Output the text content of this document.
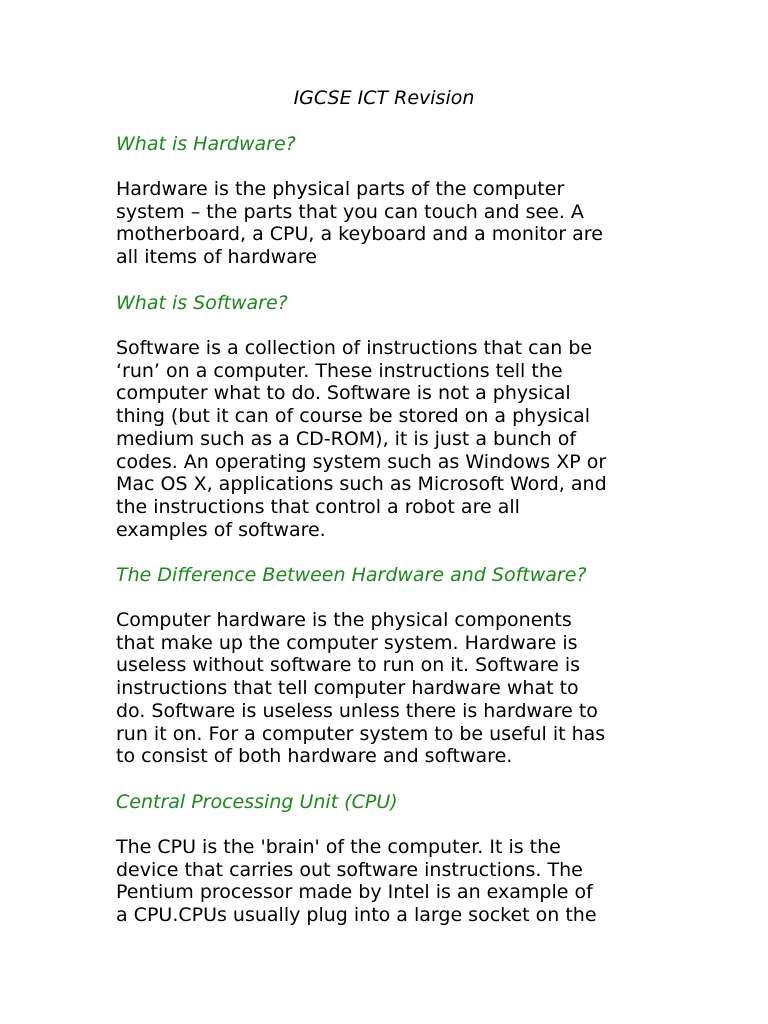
IGCSE ICT Revision
What is Hardware?
Hardware is the physical parts of the computer
system – the parts that you can touch and see. A
motherboard, a CPU, a keyboard and a monitor are
all items of hardware
What is Software?
Software is a collection of instructions that can be
‘run’ on a computer. These instructions tell the
computer what to do. Software is not a physical
thing (but it can of course be stored on a physical
medium such as a CD-ROM), it is just a bunch of
codes. An operating system such as Windows XP or
Mac OS X, applications such as Microsoft Word, and
the instructions that control a robot are all
examples of software.
The Difference Between Hardware and Software?
Computer hardware is the physical components
that make up the computer system. Hardware is
useless without software to run on it. Software is
instructions that tell computer hardware what to
do. Software is useless unless there is hardware to
run it on. For a computer system to be useful it has
to consist of both hardware and software.
Central Processing Unit (CPU)
The CPU is the 'brain' of the computer. It is the
device that carries out software instructions. The
Pentium processor made by Intel is an example of
a CPU.CPUs usually plug into a large socket on the
